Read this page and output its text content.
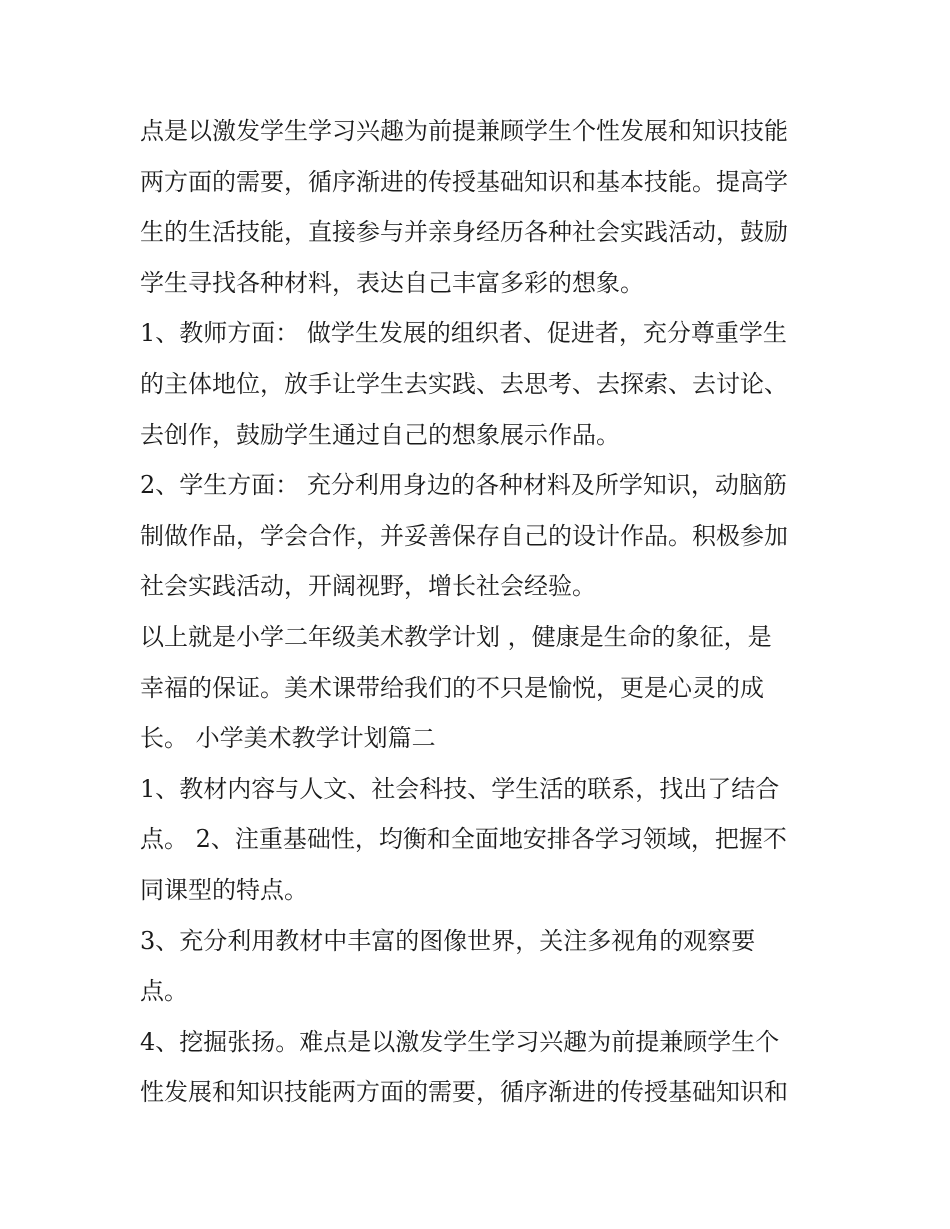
点是以激发学生学习兴趣为前提兼顾学生个性发展和知识技能
两方面的需要，循序渐进的传授基础知识和基本技能。提高学
生的生活技能，直接参与并亲身经历各种社会实践活动，鼓励
学生寻找各种材料，表达自己丰富多彩的想象。
1、教师方面： 做学生发展的组织者、促进者，充分尊重学生
的主体地位，放手让学生去实践、去思考、去探索、去讨论、
去创作，鼓励学生通过自己的想象展示作品。
2、学生方面： 充分利用身边的各种材料及所学知识，动脑筋
制做作品，学会合作，并妥善保存自己的设计作品。积极参加
社会实践活动，开阔视野，增长社会经验。
以上就是小学二年级美术教学计划 ，健康是生命的象征，是
幸福的保证。美术课带给我们的不只是愉悦，更是心灵的成
长。 小学美术教学计划篇二
1、教材内容与人文、社会科技、学生活的联系，找出了结合
点。 2、注重基础性，均衡和全面地安排各学习领域，把握不
同课型的特点。
3、充分利用教材中丰富的图像世界，关注多视角的观察要
点。
4、挖掘张扬。难点是以激发学生学习兴趣为前提兼顾学生个
性发展和知识技能两方面的需要，循序渐进的传授基础知识和
